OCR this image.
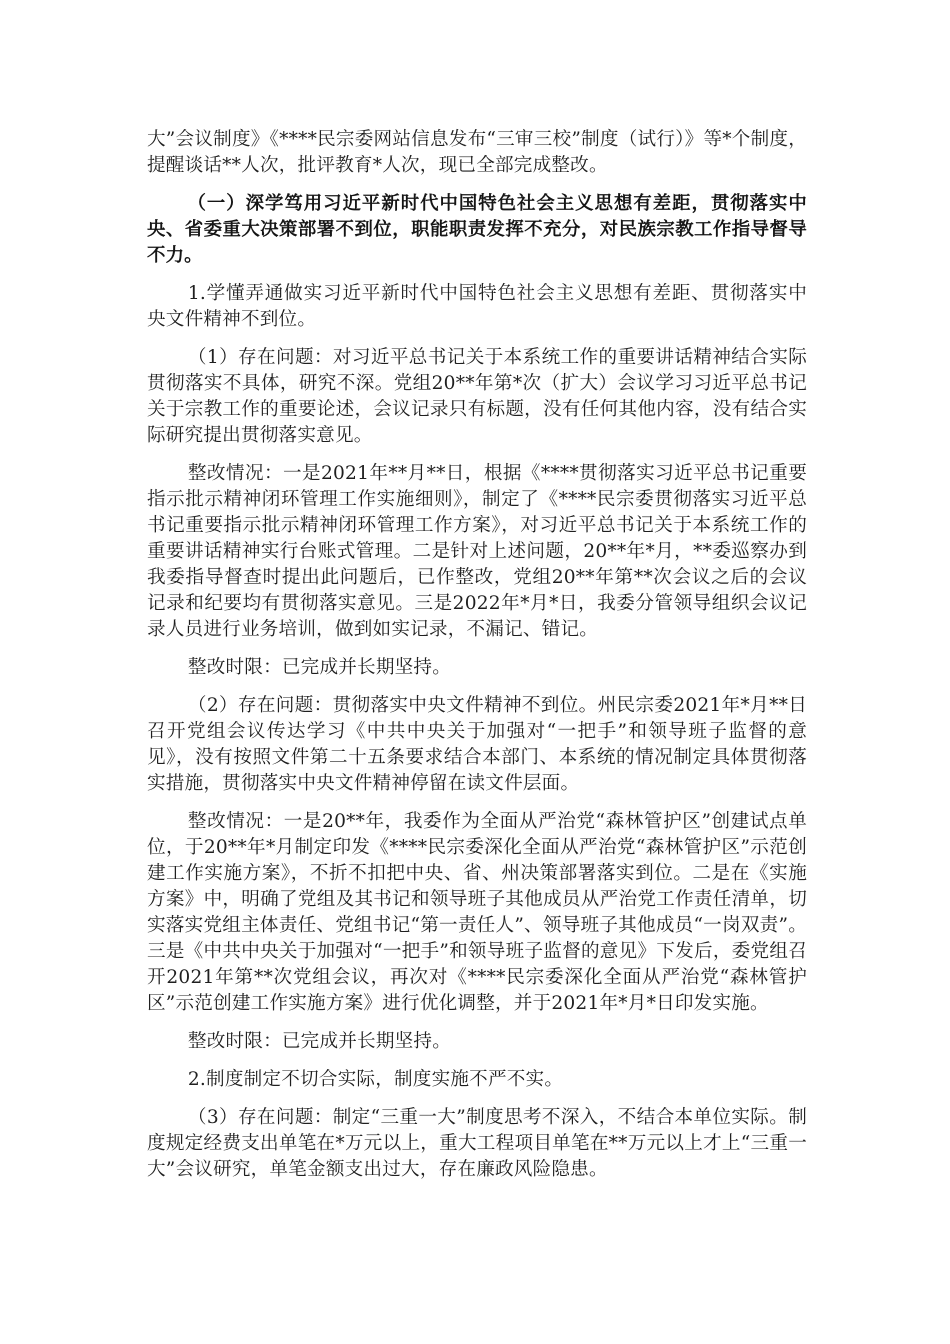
大”会议制度》《****民宗委网站信息发布“三审三校”制度（试行）》等*个制度，提醒谈话**人次，批评教育*人次，现已全部完成整改。

（一）深学笃用习近平新时代中国特色社会主义思想有差距，贯彻落实中央、省委重大决策部署不到位，职能职责发挥不充分，对民族宗教工作指导督导不力。

1.学懂弄通做实习近平新时代中国特色社会主义思想有差距、贯彻落实中央文件精神不到位。

（1）存在问题：对习近平总书记关于本系统工作的重要讲话精神结合实际贯彻落实不具体，研究不深。党组20**年第*次（扩大）会议学习习近平总书记关于宗教工作的重要论述，会议记录只有标题，没有任何其他内容，没有结合实际研究提出贯彻落实意见。

整改情况：一是2021年**月**日，根据《****贯彻落实习近平总书记重要指示批示精神闭环管理工作实施细则》，制定了《****民宗委贯彻落实习近平总书记重要指示批示精神闭环管理工作方案》，对习近平总书记关于本系统工作的重要讲话精神实行台账式管理。二是针对上述问题，20**年*月，**委巡察办到我委指导督查时提出此问题后，已作整改，党组20**年第**次会议之后的会议记录和纪要均有贯彻落实意见。三是2022年*月*日，我委分管领导组织会议记录人员进行业务培训，做到如实记录，不漏记、错记。

整改时限：已完成并长期坚持。

（2）存在问题：贯彻落实中央文件精神不到位。州民宗委2021年*月**日召开党组会议传达学习《中共中央关于加强对“一把手”和领导班子监督的意见》，没有按照文件第二十五条要求结合本部门、本系统的情况制定具体贯彻落实措施，贯彻落实中央文件精神停留在读文件层面。

整改情况：一是20**年，我委作为全面从严治党“森林管护区”创建试点单位，于20**年*月制定印发《****民宗委深化全面从严治党“森林管护区”示范创建工作实施方案》，不折不扣把中央、省、州决策部署落实到位。二是在《实施方案》中，明确了党组及其书记和领导班子其他成员从严治党工作责任清单，切实落实党组主体责任、党组书记“第一责任人”、领导班子其他成员“一岗双责”。三是《中共中央关于加强对“一把手”和领导班子监督的意见》下发后，委党组召开2021年第**次党组会议，再次对《****民宗委深化全面从严治党“森林管护区”示范创建工作实施方案》进行优化调整，并于2021年*月*日印发实施。

整改时限：已完成并长期坚持。

2.制度制定不切合实际，制度实施不严不实。

（3）存在问题：制定“三重一大”制度思考不深入，不结合本单位实际。制度规定经费支出单笔在*万元以上，重大工程项目单笔在**万元以上才上“三重一大”会议研究，单笔金额支出过大，存在廉政风险隐患。
